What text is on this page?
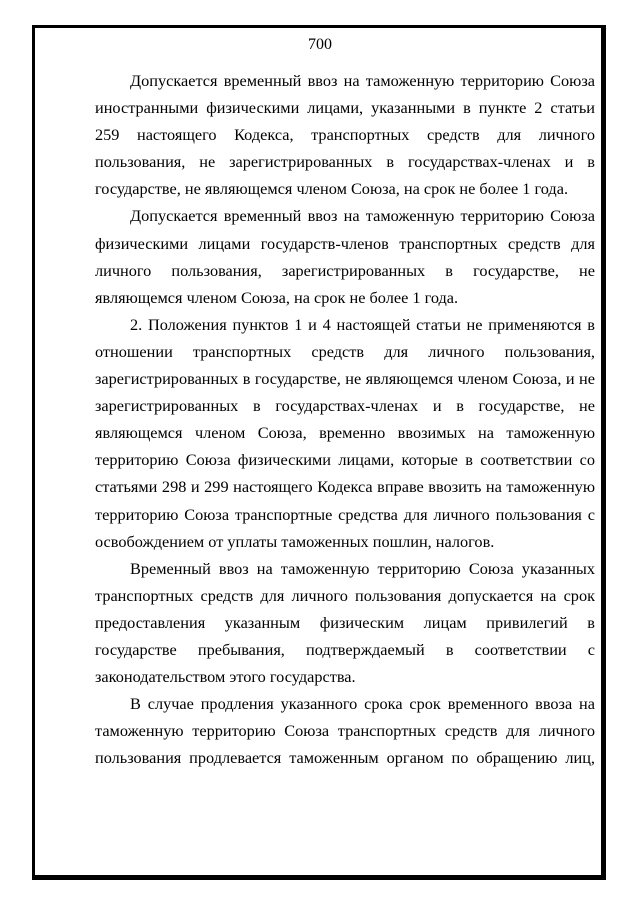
700

Допускается временный ввоз на таможенную территорию Союза иностранными физическими лицами, указанными в пункте 2 статьи 259 настоящего Кодекса, транспортных средств для личного пользования, не зарегистрированных в государствах-членах и в государстве, не являющемся членом Союза, на срок не более 1 года.

Допускается временный ввоз на таможенную территорию Союза физическими лицами государств-членов транспортных средств для личного пользования, зарегистрированных в государстве, не являющемся членом Союза, на срок не более 1 года.

2. Положения пунктов 1 и 4 настоящей статьи не применяются в отношении транспортных средств для личного пользования, зарегистрированных в государстве, не являющемся членом Союза, и не зарегистрированных в государствах-членах и в государстве, не являющемся членом Союза, временно ввозимых на таможенную территорию Союза физическими лицами, которые в соответствии со статьями 298 и 299 настоящего Кодекса вправе ввозить на таможенную территорию Союза транспортные средства для личного пользования с освобождением от уплаты таможенных пошлин, налогов.

Временный ввоз на таможенную территорию Союза указанных транспортных средств для личного пользования допускается на срок предоставления указанным физическим лицам привилегий в государстве пребывания, подтверждаемый в соответствии с законодательством этого государства.

В случае продления указанного срока срок временного ввоза на таможенную территорию Союза транспортных средств для личного пользования продлевается таможенным органом по обращению лиц,
